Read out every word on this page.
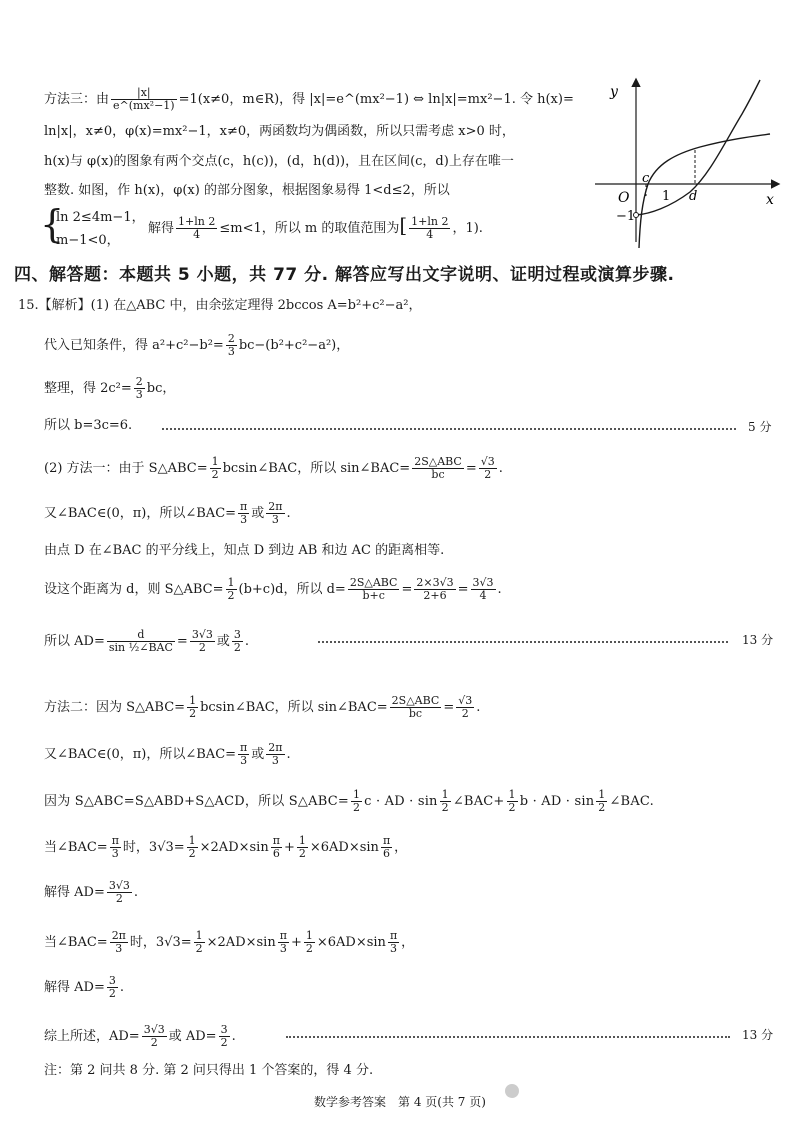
方法三：由 $\frac{|x|}{\text{e\textasciicircum{}(mx²−1)}} =1(x\ne 0$，m∈R)，得 |x|=e^(mx²−1) ⇔ ln|x|=mx²−1. 令 h(x)=
ln|x|，x≠0，φ(x)=mx²−1，x≠0，两函数均为偶函数，所以只需考虑 x>0 时，
h(x)与 φ(x)的图象有两个交点(c，h(c))，(d，h(d))，且在区间(c，d)上存在唯一
整数. 如图，作 h(x)，φ(x) 的部分图象，根据图象易得 1<d≤2，所以
{
ln 2≤4m−1，
m−1<0，
解得 $\frac{1+\ln 2}{4} \le m<1$，所以 m 的取值范围为[ $\frac{1+\ln 2}{4}$ ，1).
y
x
O
c
1 d
−1
四、解答题：本题共 5 小题，共 77 分. 解答应写出文字说明、证明过程或演算步骤.
15.【解析】(1) 在△ABC 中，由余弦定理得 2bccos A=b²+c²−a²，
代入已知条件，得 $a^2+c^2-b^2= \frac{2}{3} bc-(b^2+c^2-a^2)$，
整理，得 $2c^2= \frac{2}{3}$ bc，
所以 b=3c=6.	5 分
(2) 方法一：由于 S△ABC= $\frac{1}{2}$ bcsin∠BAC，所以 sin∠BAC= $\frac{\text{2S△ABC}}{bc} = \frac{√3}{2}$ .
又∠BAC∈(0，π)，所以∠BAC= $\frac{\pi}{3}$ 或 $\frac{2\pi}{3}$ .
由点 D 在∠BAC 的平分线上，知点 D 到边 AB 和边 AC 的距离相等.
设这个距离为 d，则 S△ABC= $\frac{1}{2} (b+c)d$，所以 $d= \frac{\text{2S△ABC}}{b+c} = \frac{2\times 3√3}{2+6} = \frac{3√3}{4}$ .
所以 $AD= \frac{d}{\text{sin ½∠BAC}} = \frac{3√3}{2}$ 或 $\frac{3}{2}$ .	13 分
方法二：因为 S△ABC= $\frac{1}{2}$ bcsin∠BAC，所以 sin∠BAC= $\frac{\text{2S△ABC}}{bc} = \frac{√3}{2}$ .
又∠BAC∈(0，π)，所以∠BAC= $\frac{\pi}{3}$ 或 $\frac{2\pi}{3}$ .
因为 S△ABC=S△ABD+S△ACD，所以 S△ABC= $\frac{1}{2}$ c · AD · $\sin \frac{1}{2}$ ∠BAC+ $\frac{1}{2}$ b · AD · $\sin \frac{1}{2}$ ∠BAC.
当∠BAC= $\frac{\pi}{3}$ 时，$3√3= \frac{1}{2} \times 2AD\times\sin \frac{\pi}{6} + \frac{1}{2} \times 6AD\times\sin \frac{\pi}{6}$ ，
解得 $AD= \frac{3√3}{2}$ .
当∠BAC= $\frac{2\pi}{3}$ 时，$3√3= \frac{1}{2} \times 2AD\times\sin \frac{\pi}{3} + \frac{1}{2} \times 6AD\times\sin \frac{\pi}{3}$ ，
解得 $AD= \frac{3}{2}$ .
综上所述，$AD= \frac{3√3}{2}$ 或 $AD= \frac{3}{2}$ .	13 分
注：第 2 问共 8 分. 第 2 问只得出 1 个答案的，得 4 分.
数学参考答案　第 4 页(共 7 页)
